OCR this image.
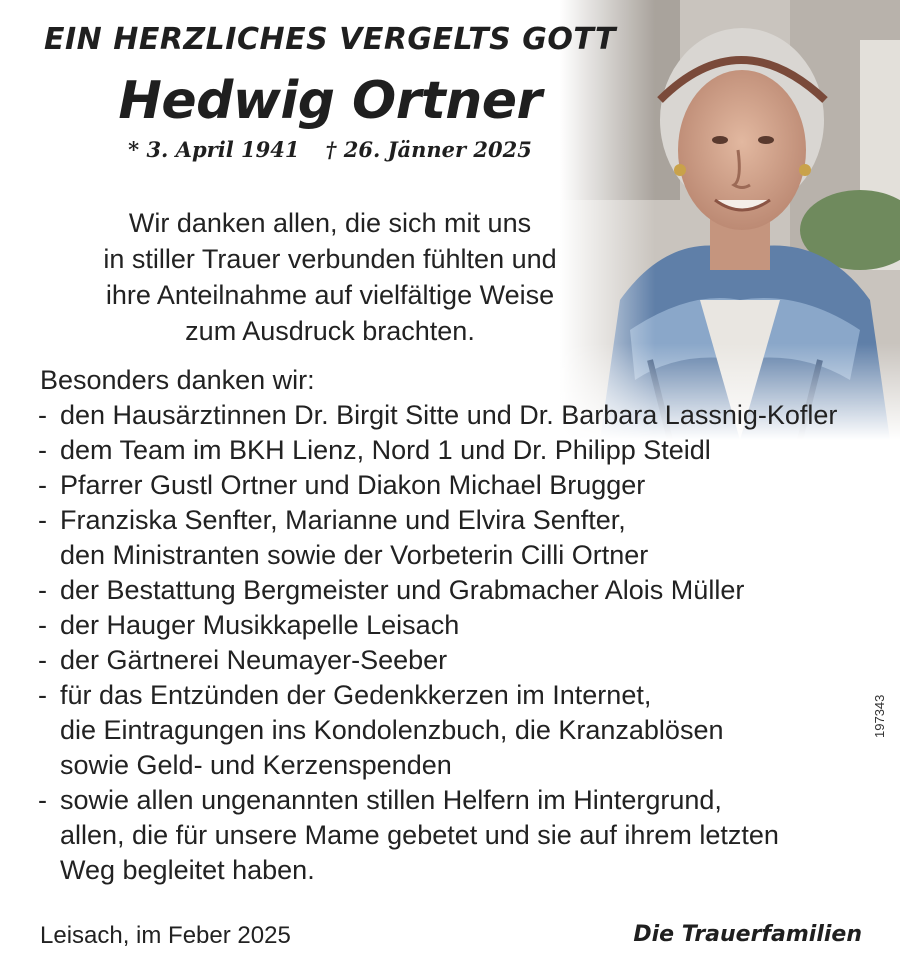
EIN HERZLICHES VERGELTS GOTT
Hedwig Ortner
* 3. April 1941 † 26. Jänner 2025
Wir danken allen, die sich mit uns
in stiller Trauer verbunden fühlten und
ihre Anteilnahme auf vielfältige Weise
zum Ausdruck brachten.
Besonders danken wir:
- den Hausärztinnen Dr. Birgit Sitte und Dr. Barbara Lassnig-Kofler
- dem Team im BKH Lienz, Nord 1 und Dr. Philipp Steidl
- Pfarrer Gustl Ortner und Diakon Michael Brugger
- Franziska Senfter, Marianne und Elvira Senfter,
den Ministranten sowie der Vorbeterin Cilli Ortner
- der Bestattung Bergmeister und Grabmacher Alois Müller
- der Hauger Musikkapelle Leisach
- der Gärtnerei Neumayer-Seeber
- für das Entzünden der Gedenkkerzen im Internet,
die Eintragungen ins Kondolenzbuch, die Kranzablösen
sowie Geld- und Kerzenspenden
- sowie allen ungenannten stillen Helfern im Hintergrund,
allen, die für unsere Mame gebetet und sie auf ihrem letzten
Weg begleitet haben.
197343
Leisach, im Feber 2025	Die Trauerfamilien
